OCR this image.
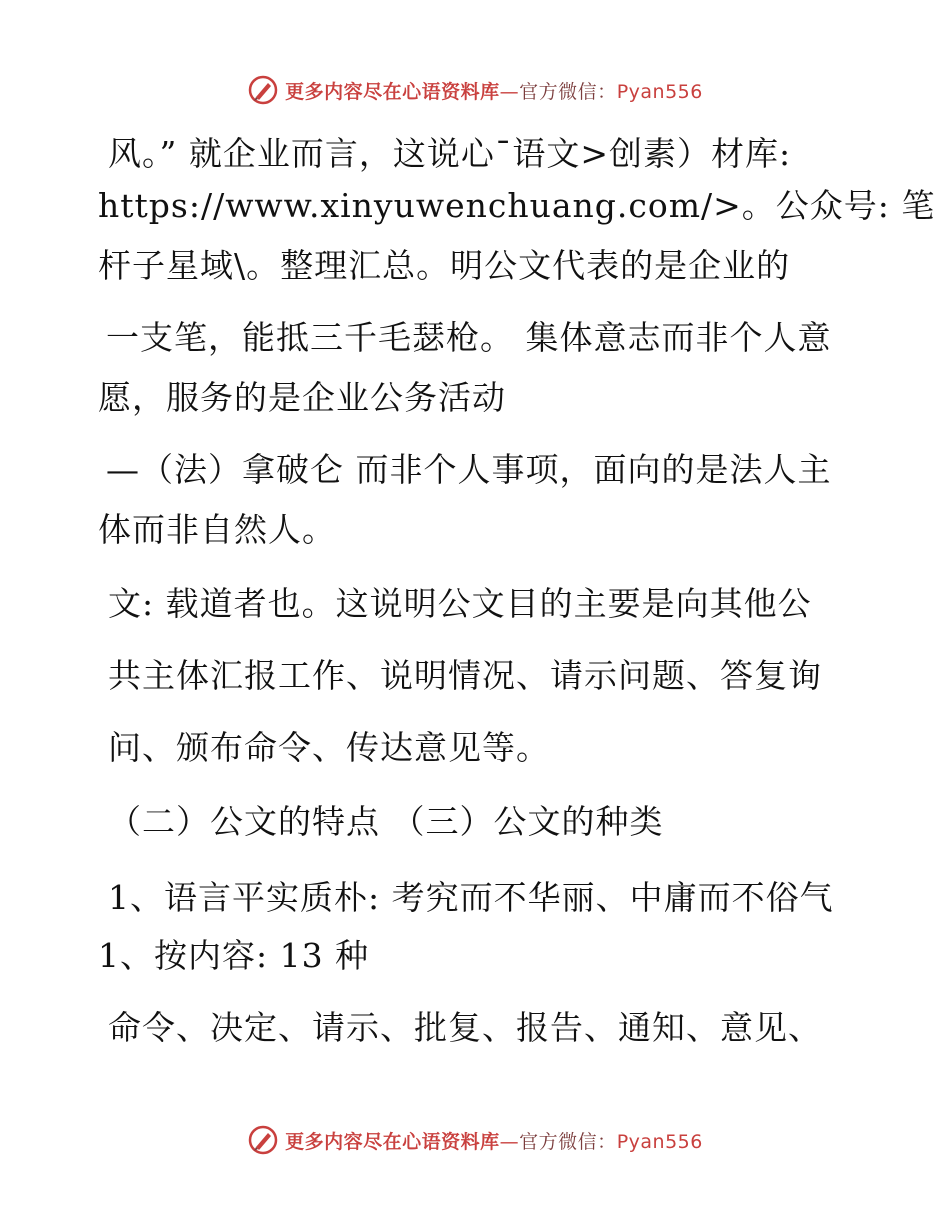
更多内容尽在心语资料库—官方微信：Pyan556
风。” 就企业而言，这说心¯语文>创素）材库:
https://www.xinyuwenchuang.com/>。公众号: 笔
杆子星域\。整理汇总。明公文代表的是企业的
一支笔，能抵三千毛瑟枪。 集体意志而非个人意
愿，服务的是企业公务活动
—（法）拿破仑 而非个人事项，面向的是法人主
体而非自然人。
文: 载道者也。这说明公文目的主要是向其他公
共主体汇报工作、说明情况、请示问题、答复询
问、颁布命令、传达意见等。
（二）公文的特点 （三）公文的种类
1、语言平实质朴: 考究而不华丽、中庸而不俗气
1、按内容: 13 种
命令、决定、请示、批复、报告、通知、意见、
更多内容尽在心语资料库—官方微信：Pyan556
